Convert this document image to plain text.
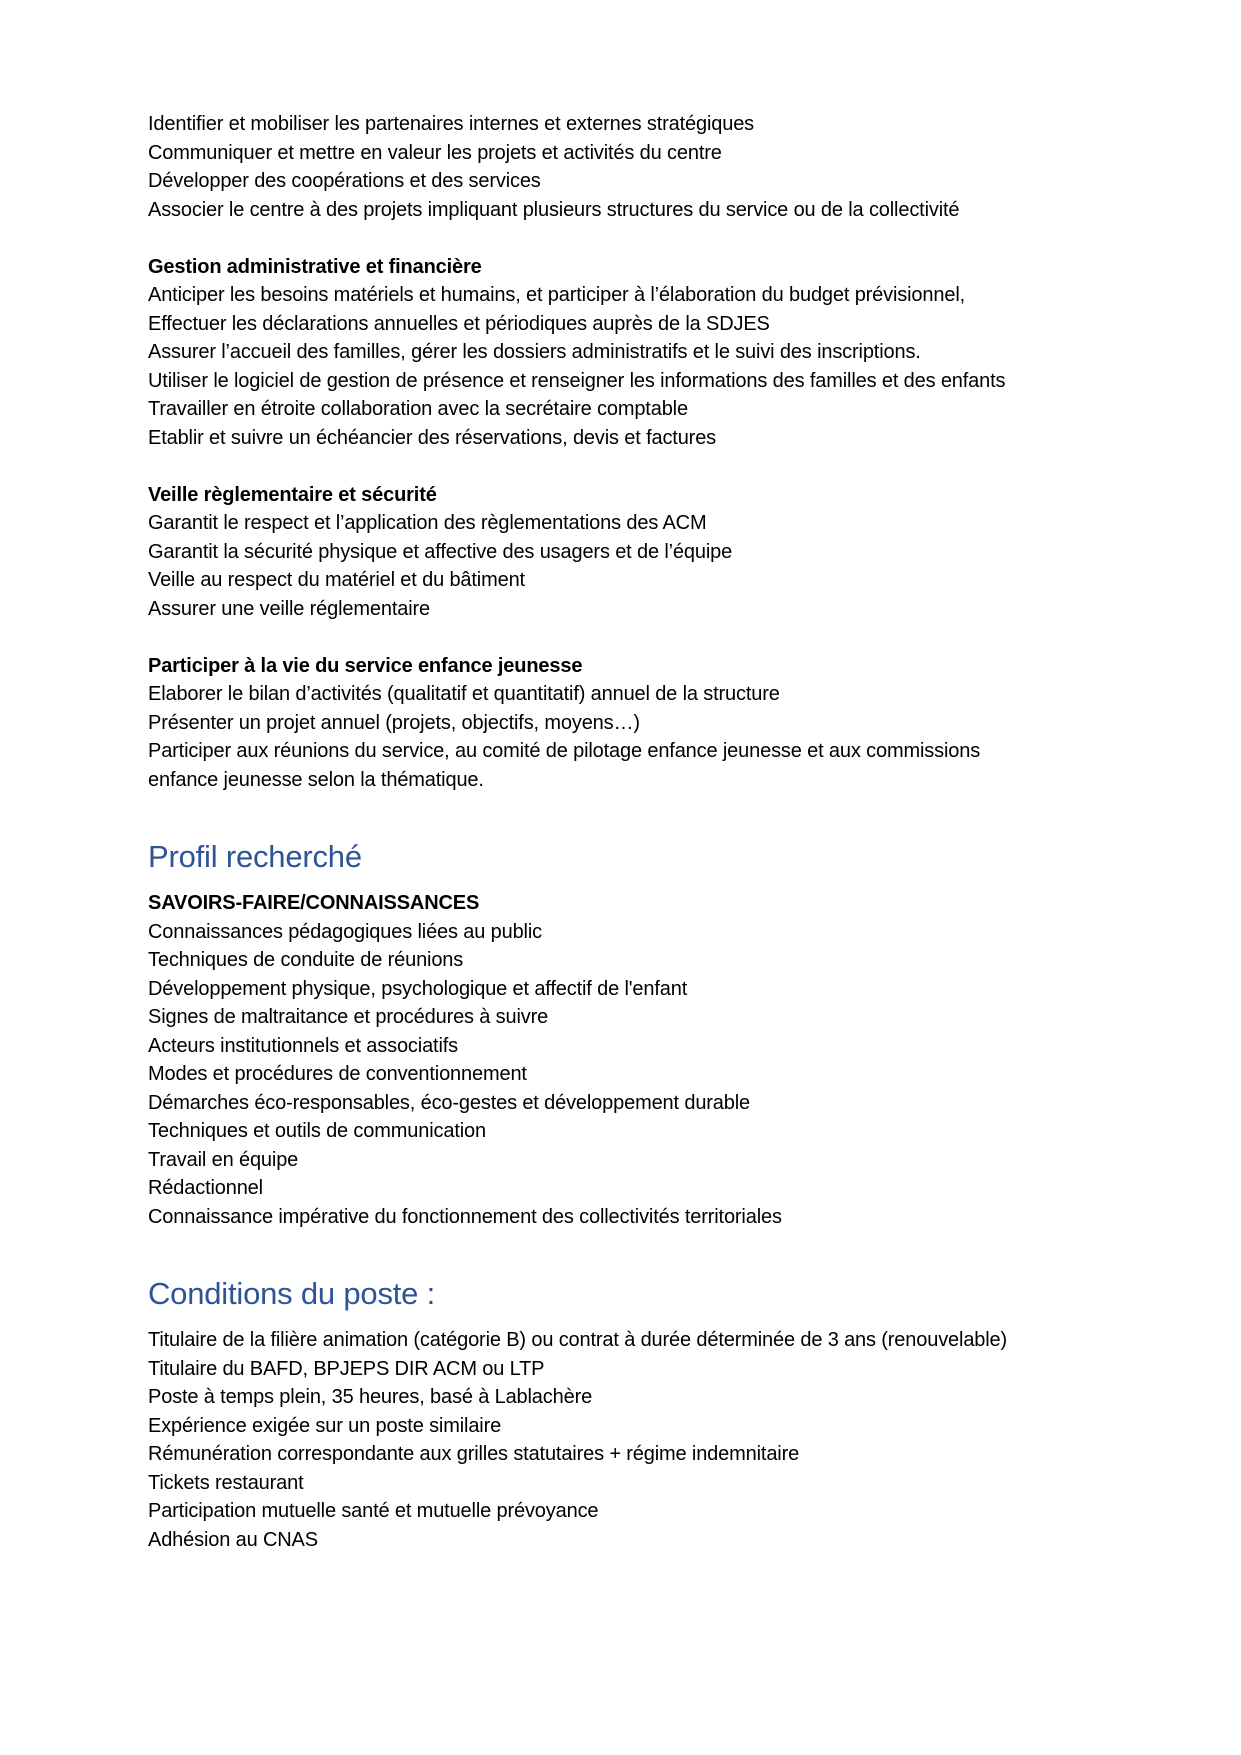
Identifier et mobiliser les partenaires internes et externes stratégiques
Communiquer et mettre en valeur les projets et activités du centre
Développer des coopérations et des services
Associer le centre à des projets impliquant plusieurs structures du service ou de la collectivité
Gestion administrative et financière
Anticiper les besoins matériels et humains, et participer à l’élaboration du budget prévisionnel,
Effectuer les déclarations annuelles et périodiques auprès de la SDJES
Assurer l’accueil des familles, gérer les dossiers administratifs et le suivi des inscriptions.
Utiliser le logiciel de gestion de présence et renseigner les informations des familles et des enfants
Travailler en étroite collaboration avec la secrétaire comptable
Etablir et suivre un échéancier des réservations, devis et factures
Veille règlementaire et sécurité
Garantit le respect et l’application des règlementations des ACM
Garantit la sécurité physique et affective des usagers et de l’équipe
Veille au respect du matériel et du bâtiment
Assurer une veille réglementaire
Participer à la vie du service enfance jeunesse
Elaborer le bilan d’activités (qualitatif et quantitatif) annuel de la structure
Présenter un projet annuel (projets, objectifs, moyens…)
Participer aux réunions du service, au comité de pilotage enfance jeunesse et aux commissions
enfance jeunesse selon la thématique.
Profil recherché
SAVOIRS-FAIRE/CONNAISSANCES
Connaissances pédagogiques liées au public
Techniques de conduite de réunions
Développement physique, psychologique et affectif de l'enfant
Signes de maltraitance et procédures à suivre
Acteurs institutionnels et associatifs
Modes et procédures de conventionnement
Démarches éco-responsables, éco-gestes et développement durable
Techniques et outils de communication
Travail en équipe
Rédactionnel
Connaissance impérative du fonctionnement des collectivités territoriales
Conditions du poste :
Titulaire de la filière animation (catégorie B) ou contrat à durée déterminée de 3 ans (renouvelable)
Titulaire du BAFD, BPJEPS DIR ACM ou LTP
Poste à temps plein, 35 heures, basé à Lablachère
Expérience exigée sur un poste similaire
Rémunération correspondante aux grilles statutaires + régime indemnitaire
Tickets restaurant
Participation mutuelle santé et mutuelle prévoyance
Adhésion au CNAS
